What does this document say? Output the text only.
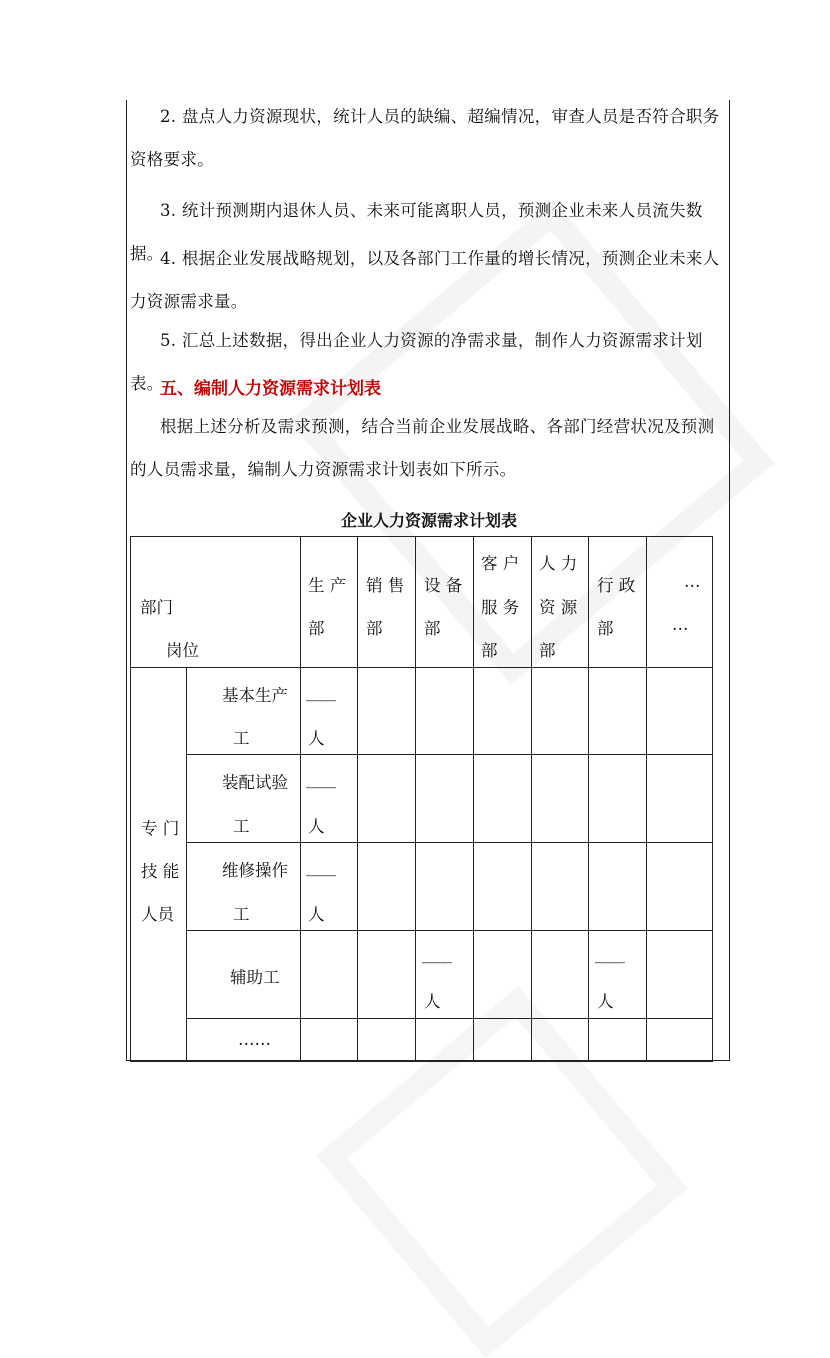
2. 盘点人力资源现状，统计人员的缺编、超编情况，审查人员是否符合职务资格要求。

3. 统计预测期内退休人员、未来可能离职人员，预测企业未来人员流失数据。

4. 根据企业发展战略规划，以及各部门工作量的增长情况，预测企业未来人力资源需求量。

5. 汇总上述数据，得出企业人力资源的净需求量，制作人力资源需求计划表。

五、编制人力资源需求计划表

根据上述分析及需求预测，结合当前企业发展战略、各部门经营状况及预测的人员需求量，编制人力资源需求计划表如下所示。

企业人力资源需求计划表

部门
岗位
生 产
部
销 售
部
设 备
部
客 户
服 务
部
人 力
资 源
部
行 政
部
…
…
专 门
技 能
人员
基本生产
工
装配试验
工
维修操作
工
辅助工
……
____
人
____
人
____
人
____
人
____
人
